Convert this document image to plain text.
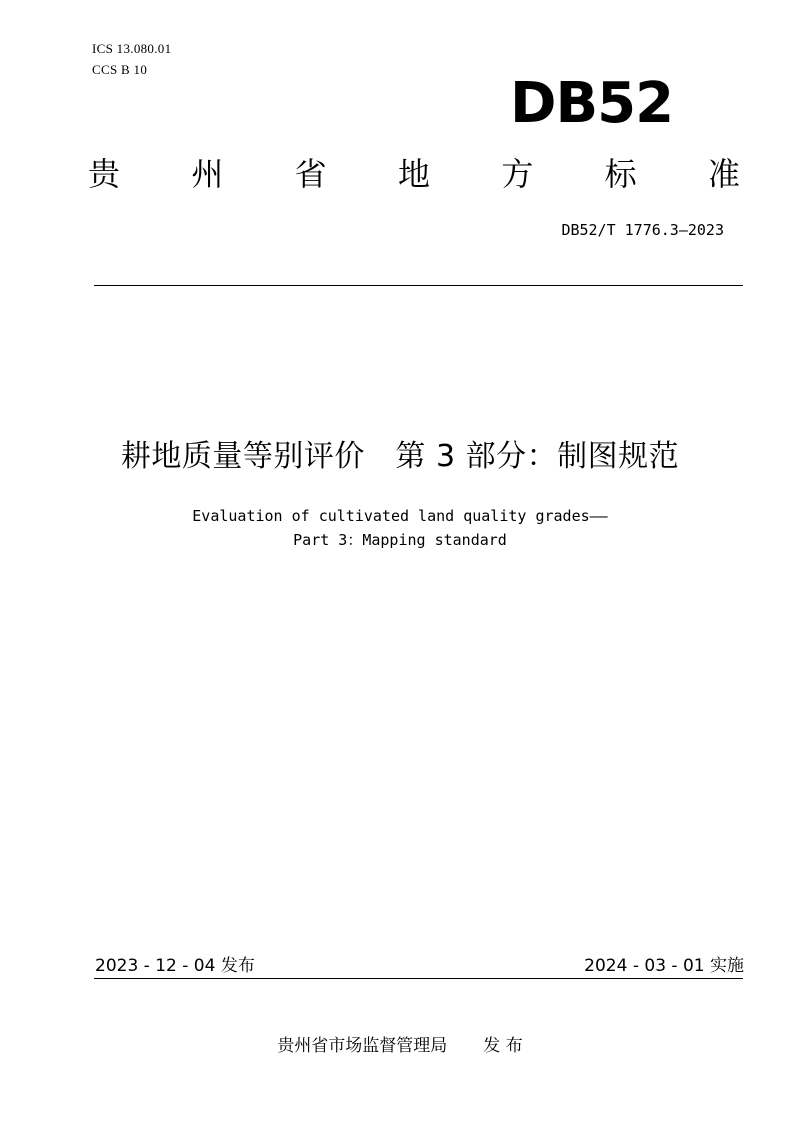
ICS 13.080.01
CCS B 10
DB52
贵 州 省 地 方 标 准
DB52/T 1776.3—2023
耕地质量等别评价　第 3 部分：制图规范
Evaluation of cultivated land quality grades——
Part 3：Mapping standard
2023 - 12 - 04 发布	2024 - 03 - 01 实施
贵州省市场监督管理局 发 布
